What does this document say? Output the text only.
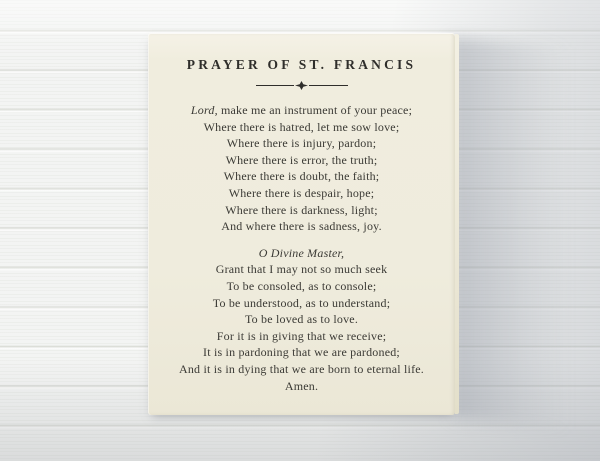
PRAYER OF ST. FRANCIS
Lord, make me an instrument of your peace;
Where there is hatred, let me sow love;
Where there is injury, pardon;
Where there is error, the truth;
Where there is doubt, the faith;
Where there is despair, hope;
Where there is darkness, light;
And where there is sadness, joy.
O Divine Master,
Grant that I may not so much seek
To be consoled, as to console;
To be understood, as to understand;
To be loved as to love.
For it is in giving that we receive;
It is in pardoning that we are pardoned;
And it is in dying that we are born to eternal life.
Amen.
